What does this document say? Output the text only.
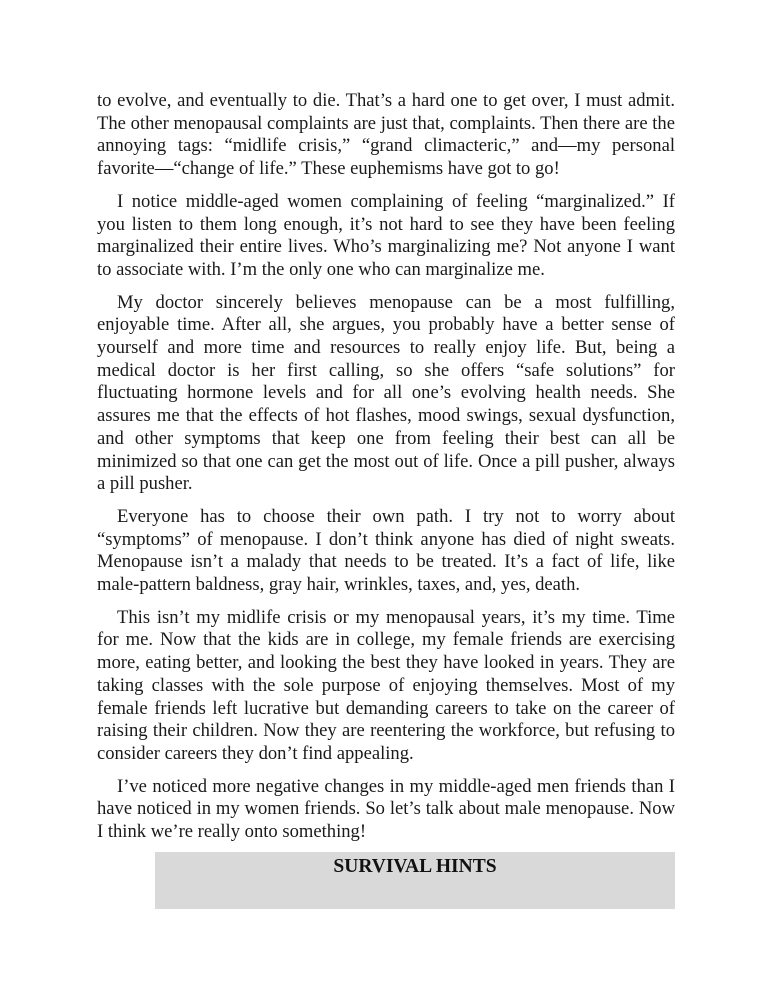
to evolve, and eventually to die. That’s a hard one to get over, I must admit. The other menopausal complaints are just that, complaints. Then there are the annoying tags: “midlife crisis,” “grand climacteric,” and—my personal favorite—“change of life.” These euphemisms have got to go!

I notice middle-aged women complaining of feeling “marginalized.” If you listen to them long enough, it’s not hard to see they have been feeling marginalized their entire lives. Who’s marginalizing me? Not anyone I want to associate with. I’m the only one who can marginalize me.

My doctor sincerely believes menopause can be a most fulfilling, enjoyable time. After all, she argues, you probably have a better sense of yourself and more time and resources to really enjoy life. But, being a medical doctor is her first calling, so she offers “safe solutions” for fluctuating hormone levels and for all one’s evolving health needs. She assures me that the effects of hot flashes, mood swings, sexual dysfunction, and other symptoms that keep one from feeling their best can all be minimized so that one can get the most out of life. Once a pill pusher, always a pill pusher.

Everyone has to choose their own path. I try not to worry about “symptoms” of menopause. I don’t think anyone has died of night sweats. Menopause isn’t a malady that needs to be treated. It’s a fact of life, like male-pattern baldness, gray hair, wrinkles, taxes, and, yes, death.

This isn’t my midlife crisis or my menopausal years, it’s my time. Time for me. Now that the kids are in college, my female friends are exercising more, eating better, and looking the best they have looked in years. They are taking classes with the sole purpose of enjoying themselves. Most of my female friends left lucrative but demanding careers to take on the career of raising their children. Now they are reentering the workforce, but refusing to consider careers they don’t find appealing.

I’ve noticed more negative changes in my middle-aged men friends than I have noticed in my women friends. So let’s talk about male menopause. Now I think we’re really onto something!

SURVIVAL HINTS
